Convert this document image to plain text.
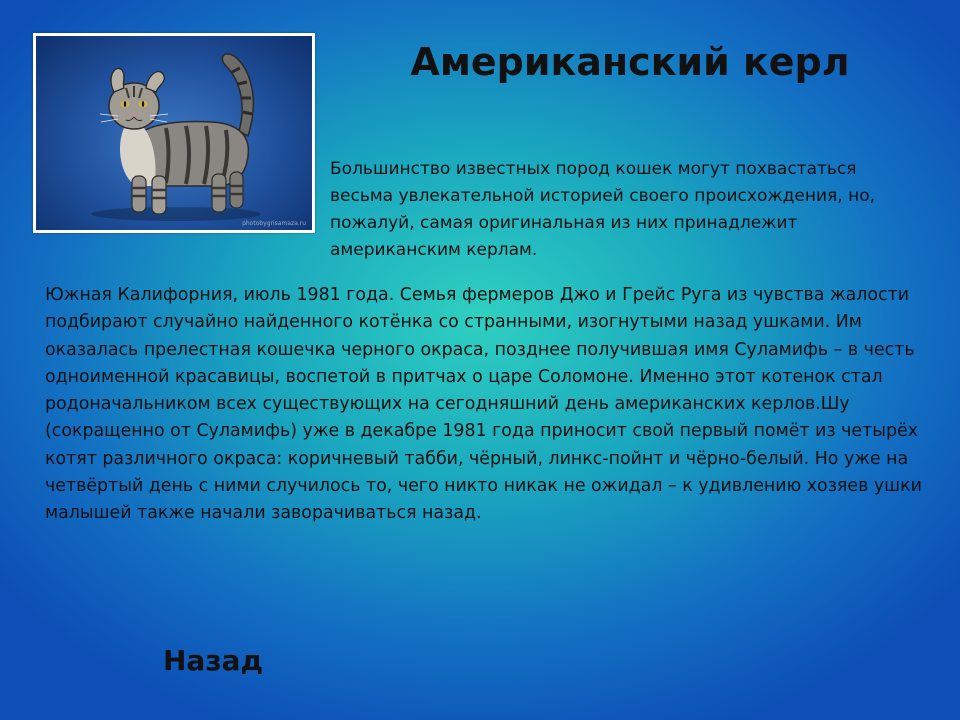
photobygrisamaza.ru
Американский керл

Большинство известных пород кошек могут похвастаться весьма увлекательной историей своего происхождения, но, пожалуй, самая оригинальная из них принадлежит американским керлам.

Южная Калифорния, июль 1981 года. Семья фермеров Джо и Грейс Руга из чувства жалости подбирают случайно найденного котёнка со странными, изогнутыми назад ушками. Им оказалась прелестная кошечка черного окраса, позднее получившая имя Суламифь – в честь одноименной красавицы, воспетой в притчах о царе Соломоне. Именно этот котенок стал родоначальником всех существующих на сегодняшний день американских керлов.Шу (сокращенно от Суламифь) уже в декабре 1981 года приносит свой первый помёт из четырёх котят различного окраса: коричневый табби, чёрный, линкс-пойнт и чёрно-белый. Но уже на четвёртый день с ними случилось то, чего никто никак не ожидал – к удивлению хозяев ушки малышей также начали заворачиваться назад.

Назад
